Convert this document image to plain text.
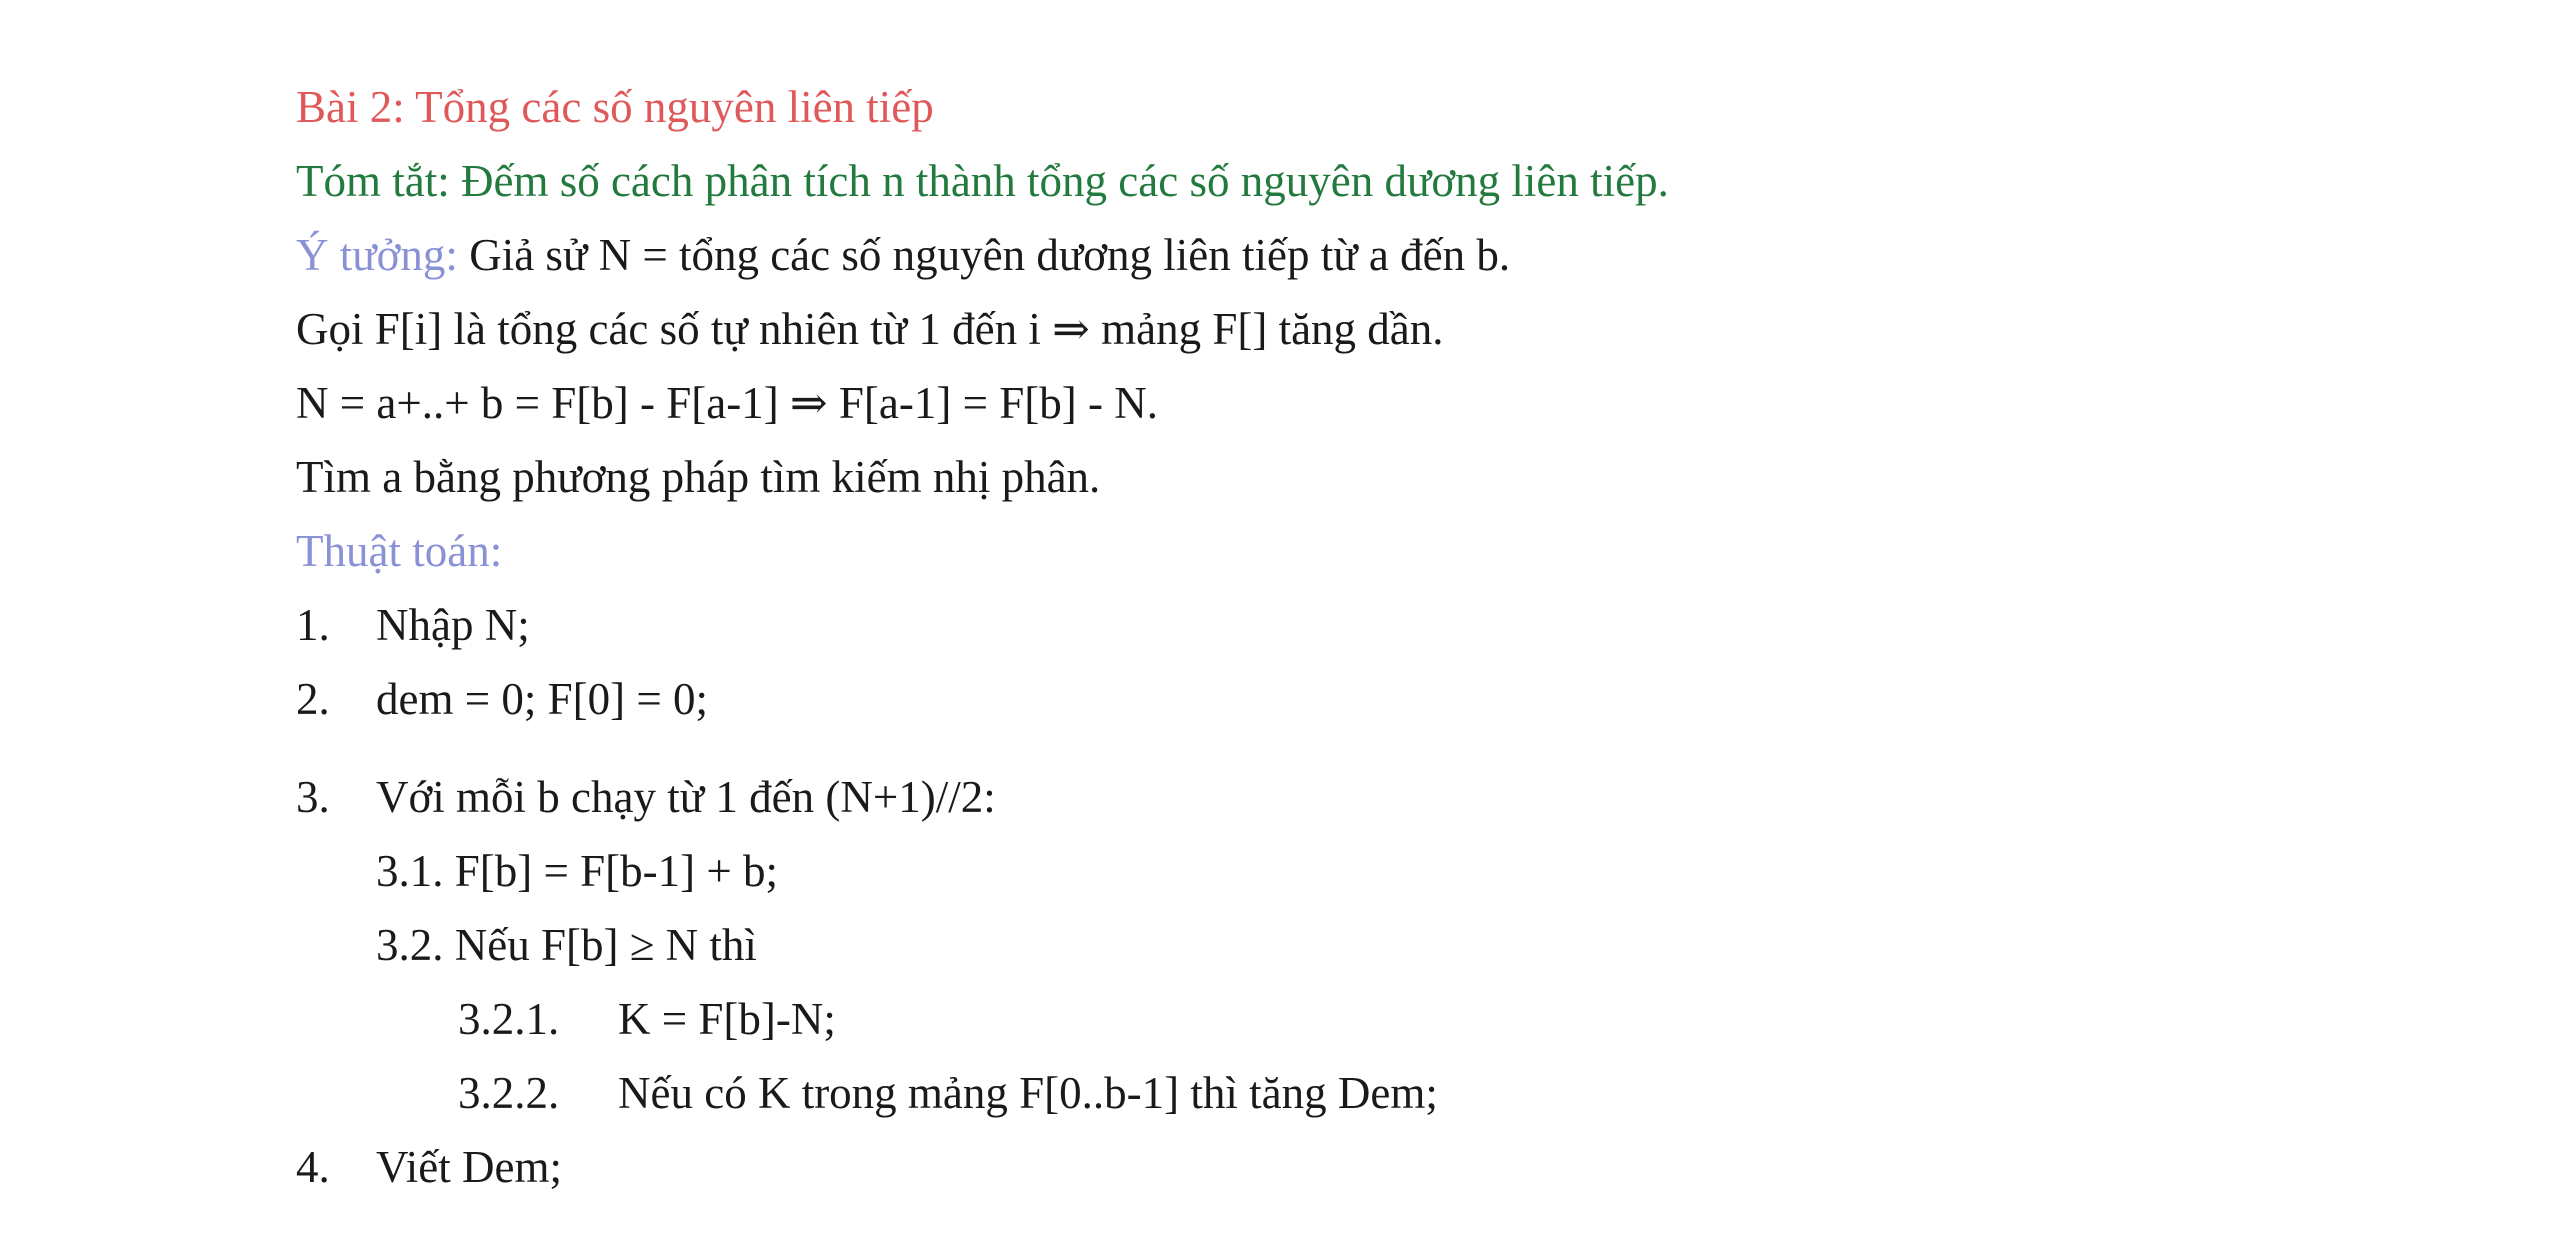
Bài 2: Tổng các số nguyên liên tiếp
Tóm tắt: Đếm số cách phân tích n thành tổng các số nguyên dương liên tiếp.
Ý tưởng: Giả sử N = tổng các số nguyên dương liên tiếp từ a đến b.
Gọi F[i] là tổng các số tự nhiên từ 1 đến i ⇒ mảng F[] tăng dần.
N = a+..+ b = F[b] - F[a-1] ⇒ F[a-1] = F[b] - N.
Tìm a bằng phương pháp tìm kiếm nhị phân.
Thuật toán:
1.	Nhập N;
2.	dem = 0; F[0] = 0;
3.	Với mỗi b chạy từ 1 đến (N+1)//2:
3.1.
F[b] = F[b-1] + b;
3.2.
Nếu F[b] ≥ N thì
3.2.1.	K = F[b]-N;
3.2.2.	Nếu có K trong mảng F[0..b-1] thì tăng Dem;
4.	Viết Dem;
